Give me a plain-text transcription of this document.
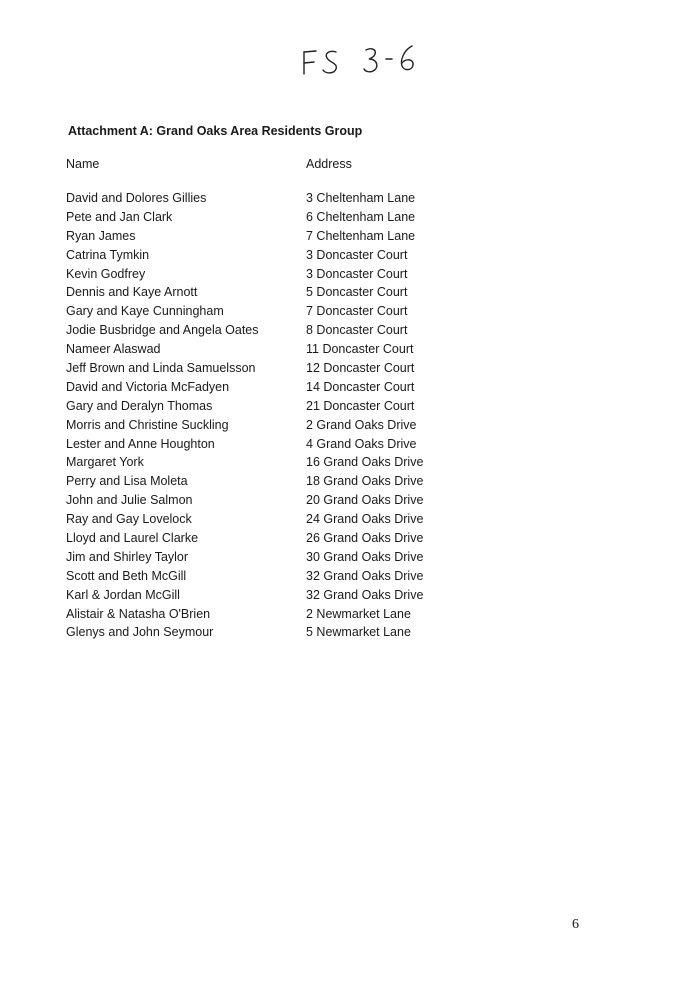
Attachment A: Grand Oaks Area Residents Group
Name	Address
David and Dolores Gillies	3 Cheltenham Lane
Pete and Jan Clark	6 Cheltenham Lane
Ryan James	7 Cheltenham Lane
Catrina Tymkin	3 Doncaster Court
Kevin Godfrey	3 Doncaster Court
Dennis and Kaye Arnott	5 Doncaster Court
Gary and Kaye Cunningham	7 Doncaster Court
Jodie Busbridge and Angela Oates	8 Doncaster Court
Nameer Alaswad	11 Doncaster Court
Jeff Brown and Linda Samuelsson	12 Doncaster Court
David and Victoria McFadyen	14 Doncaster Court
Gary and Deralyn Thomas	21 Doncaster Court
Morris and Christine Suckling	2 Grand Oaks Drive
Lester and Anne Houghton	4 Grand Oaks Drive
Margaret York	16 Grand Oaks Drive
Perry and Lisa Moleta	18 Grand Oaks Drive
John and Julie Salmon	20 Grand Oaks Drive
Ray and Gay Lovelock	24 Grand Oaks Drive
Lloyd and Laurel Clarke	26 Grand Oaks Drive
Jim and Shirley Taylor	30 Grand Oaks Drive
Scott and Beth McGill	32 Grand Oaks Drive
Karl & Jordan McGill	32 Grand Oaks Drive
Alistair & Natasha O'Brien	2 Newmarket Lane
Glenys and John Seymour	5 Newmarket Lane
6
